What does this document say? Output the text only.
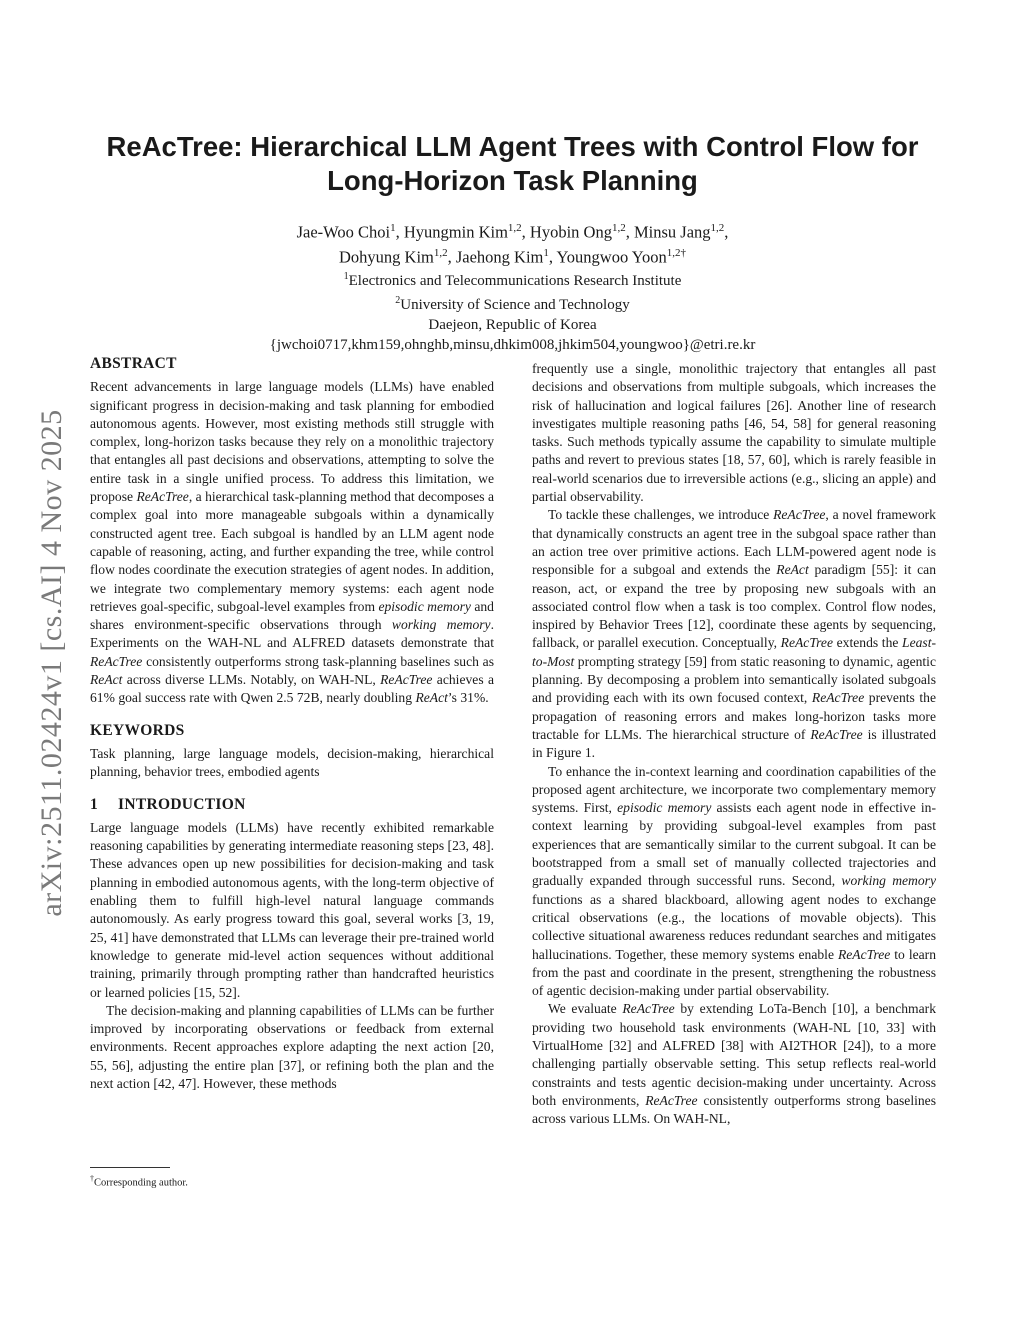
arXiv:2511.02424v1 [cs.AI] 4 Nov 2025
ReAcTree: Hierarchical LLM Agent Trees with Control Flow for
Long-Horizon Task Planning
Jae-Woo Choi$^1$, Hyungmin Kim$^{1,2}$, Hyobin Ong$^{1,2}$, Minsu Jang$^{1,2}$,
Dohyung Kim$^{1,2}$, Jaehong Kim$^1$, Youngwoo Yoon$^{1,2\dagger}$
$^1$Electronics and Telecommunications Research Institute
$^2$University of Science and Technology
Daejeon, Republic of Korea
{jwchoi0717,khm159,ohnghb,minsu,dhkim008,jhkim504,youngwoo}@etri.re.kr
ABSTRACT

Recent advancements in large language models (LLMs) have enabled significant progress in decision-making and task planning for embodied autonomous agents. However, most existing methods still struggle with complex, long-horizon tasks because they rely on a monolithic trajectory that entangles all past decisions and observations, attempting to solve the entire task in a single unified process. To address this limitation, we propose ReAcTree, a hierarchical task-planning method that decomposes a complex goal into more manageable subgoals within a dynamically constructed agent tree. Each subgoal is handled by an LLM agent node capable of reasoning, acting, and further expanding the tree, while control flow nodes coordinate the execution strategies of agent nodes. In addition, we integrate two complementary memory systems: each agent node retrieves goal-specific, subgoal-level examples from episodic memory and shares environment-specific observations through working memory. Experiments on the WAH-NL and ALFRED datasets demonstrate that ReAcTree consistently outperforms strong task-planning baselines such as ReAct across diverse LLMs. Notably, on WAH-NL, ReAcTree achieves a 61% goal success rate with Qwen 2.5 72B, nearly doubling ReAct’s 31%.

KEYWORDS

Task planning, large language models, decision-making, hierarchical planning, behavior trees, embodied agents

1 INTRODUCTION

Large language models (LLMs) have recently exhibited remarkable reasoning capabilities by generating intermediate reasoning steps [23, 48]. These advances open up new possibilities for decision-making and task planning in embodied autonomous agents, with the long-term objective of enabling them to fulfill high-level natural language commands autonomously. As early progress toward this goal, several works [3, 19, 25, 41] have demonstrated that LLMs can leverage their pre-trained world knowledge to generate mid-level action sequences without additional training, primarily through prompting rather than handcrafted heuristics or learned policies [15, 52].

The decision-making and planning capabilities of LLMs can be further improved by incorporating observations or feedback from external environments. Recent approaches explore adapting the next action [20, 55, 56], adjusting the entire plan [37], or refining both the plan and the next action [42, 47]. However, these methods

frequently use a single, monolithic trajectory that entangles all past decisions and observations from multiple subgoals, which increases the risk of hallucination and logical failures [26]. Another line of research investigates multiple reasoning paths [46, 54, 58] for general reasoning tasks. Such methods typically assume the capability to simulate multiple paths and revert to previous states [18, 57, 60], which is rarely feasible in real-world scenarios due to irreversible actions (e.g., slicing an apple) and partial observability.

To tackle these challenges, we introduce ReAcTree, a novel framework that dynamically constructs an agent tree in the subgoal space rather than an action tree over primitive actions. Each LLM-powered agent node is responsible for a subgoal and extends the ReAct paradigm [55]: it can reason, act, or expand the tree by proposing new subgoals with an associated control flow when a task is too complex. Control flow nodes, inspired by Behavior Trees [12], coordinate these agents by sequencing, fallback, or parallel execution. Conceptually, ReAcTree extends the Least-to-Most prompting strategy [59] from static reasoning to dynamic, agentic planning. By decomposing a problem into semantically isolated subgoals and providing each with its own focused context, ReAcTree prevents the propagation of reasoning errors and makes long-horizon tasks more tractable for LLMs. The hierarchical structure of ReAcTree is illustrated in Figure 1.

To enhance the in-context learning and coordination capabilities of the proposed agent architecture, we incorporate two complementary memory systems. First, episodic memory assists each agent node in effective in-context learning by providing subgoal-level examples from past experiences that are semantically similar to the current subgoal. It can be bootstrapped from a small set of manually collected trajectories and gradually expanded through successful runs. Second, working memory functions as a shared blackboard, allowing agent nodes to exchange critical observations (e.g., the locations of movable objects). This collective situational awareness reduces redundant searches and mitigates hallucinations. Together, these memory systems enable ReAcTree to learn from the past and coordinate in the present, strengthening the robustness of agentic decision-making under partial observability.

We evaluate ReAcTree by extending LoTa-Bench [10], a benchmark providing two household task environments (WAH-NL [10, 33] with VirtualHome [32] and ALFRED [38] with AI2THOR [24]), to a more challenging partially observable setting. This setup reflects real-world constraints and tests agentic decision-making under uncertainty. Across both environments, ReAcTree consistently outperforms strong baselines across various LLMs. On WAH-NL,

†Corresponding author.
